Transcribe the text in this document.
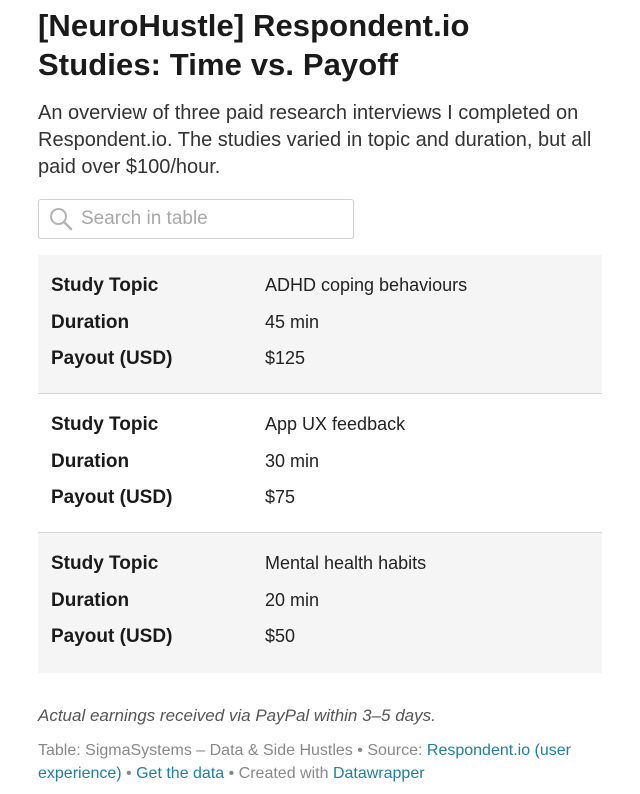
[NeuroHustle] Respondent.io
Studies: Time vs. Payoff

An overview of three paid research interviews I completed on Respondent.io. The studies varied in topic and duration, but all paid over $100/hour.

Search in table
Study Topic	ADHD coping behaviours
Duration	45 min
Payout (USD)	$125
Study Topic	App UX feedback
Duration	30 min
Payout (USD)	$75
Study Topic	Mental health habits
Duration	20 min
Payout (USD)	$50
Actual earnings received via PayPal within 3–5 days.
Table: SigmaSystems – Data & Side Hustles • Source: Respondent.io (user experience) • Get the data • Created with Datawrapper
